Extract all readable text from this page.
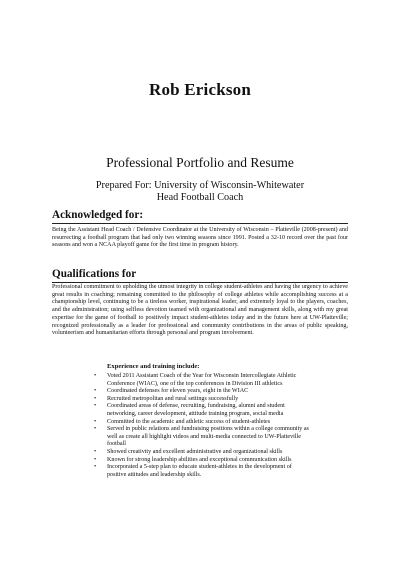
Rob Erickson
Professional Portfolio and Resume
Prepared For: University of Wisconsin-Whitewater
Head Football Coach
Acknowledged for:
Being the Assistant Head Coach / Defensive Coordinator at the University of Wisconsin – Platteville (2008-present) and resurrecting a football program that had only two winning seasons since 1991. Posted a 32-10 record over the past four seasons and won a NCAA playoff game for the first time in program history.
Qualifications for
Professional commitment to upholding the utmost integrity in college student-athletes and having the urgency to achieve great results in coaching; remaining committed to the philosophy of college athletes while accomplishing success at a championship level, continuing to be a tireless worker, inspirational leader, and extremely loyal to the players, coaches, and the administration; using selfless devotion teamed with organizational and management skills, along with my great expertise for the game of football to positively impact student-athletes today and in the future here at UW-Platteville; recognized professionally as a leader for professional and community contributions in the areas of public speaking, volunteerism and humanitarian efforts through personal and program involvement.
Experience and training include:
•	Voted 2011 Assistant Coach of the Year for Wisconsin Intercollegiate Athletic Conference (WIAC), one of the top conferences in Division III athletics
•	Coordinated defenses for eleven years, eight in the WIAC
•	Recruited metropolitan and rural settings successfully
•	Coordinated areas of defense, recruiting, fundraising, alumni and student networking, career development, attitude training program, social media
•	Committed to the academic and athletic success of student-athletes
•	Served in public relations and fundraising positions within a college community as well as create all highlight videos and multi-media connected to UW-Platteville football
•	Showed creativity and excellent administrative and organizational skills
•	Known for strong leadership abilities and exceptional communication skills
•	Incorporated a 5-step plan to educate student-athletes in the development of positive attitudes and leadership skills.
